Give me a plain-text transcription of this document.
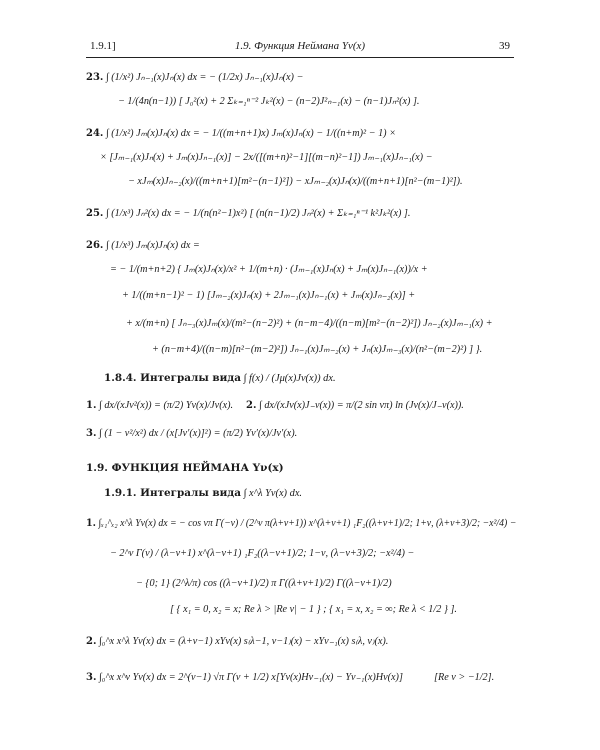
1.9.1]	1.9. Функция Неймана Yν(x)	39
23. ∫ (1/x²) Jₙ₋₁(x)Jₙ(x) dx = − (1/2x) Jₙ₋₁(x)Jₙ(x) −
− 1/(4n(n−1)) [ J₀²(x) + 2 Σₖ₌₁ⁿ⁻² Jₖ²(x) − (n−2)J²ₙ₋₁(x) − (n−1)Jₙ²(x) ].
24. ∫ (1/x²) Jₘ(x)Jₙ(x) dx = − 1/((m+n+1)x) Jₘ(x)Jₙ(x) − 1/((n+m)² − 1) ×
× [Jₘ₋₁(x)Jₙ(x) + Jₘ(x)Jₙ₋₁(x)] − 2x/([(m+n)²−1][(m−n)²−1]) Jₘ₋₁(x)Jₙ₋₁(x) −
− xJₘ(x)Jₙ₋₂(x)/((m+n+1)[m²−(n−1)²]) − xJₘ₋₂(x)Jₙ(x)/((m+n+1)[n²−(m−1)²]).
25. ∫ (1/x³) Jₙ²(x) dx = − 1/(n(n²−1)x²) [ (n(n−1)/2) Jₙ²(x) + Σₖ₌₁ⁿ⁻¹ k²Jₖ²(x) ].
26. ∫ (1/x³) Jₘ(x)Jₙ(x) dx =
= − 1/(m+n+2) { Jₘ(x)Jₙ(x)/x² + 1/(m+n) · (Jₘ₋₁(x)Jₙ(x) + Jₘ(x)Jₙ₋₁(x))/x +
+ 1/((m+n−1)² − 1) [Jₘ₋₂(x)Jₙ(x) + 2Jₘ₋₁(x)Jₙ₋₁(x) + Jₘ(x)Jₙ₋₂(x)] +
+ x/(m+n) [ Jₙ₋₃(x)Jₘ(x)/(m²−(n−2)²) + (n−m−4)/((n−m)[m²−(n−2)²]) Jₙ₋₂(x)Jₘ₋₁(x) +
+ (n−m+4)/((n−m)[n²−(m−2)²]) Jₙ₋₁(x)Jₘ₋₂(x) + Jₙ(x)Jₘ₋₃(x)/(n²−(m−2)²) ] }.
1.8.4. Интегралы вида ∫ f(x) / (Jμ(x)Jν(x)) dx.
1. ∫ dx/(xJν²(x)) = (π/2) Yν(x)/Jν(x). 2. ∫ dx/(xJν(x)J₋ν(x)) = π/(2 sin νπ) ln (Jν(x)/J₋ν(x)).
3. ∫ (1 − ν²/x²) dx / (x[Jν′(x)]²) = (π/2) Yν′(x)/Jν′(x).
1.9. ФУНКЦИЯ НЕЙМАНА Yν(x)
1.9.1. Интегралы вида ∫ x^λ Yν(x) dx.
1. ∫ₓ₁^ₓ₂ x^λ Yν(x) dx = − cos νπ Γ(−ν) / (2^ν π(λ+ν+1)) x^(λ+ν+1) ₁F₂((λ+ν+1)/2; 1+ν, (λ+ν+3)/2; −x²/4) −
− 2^ν Γ(ν) / (λ−ν+1) x^(λ−ν+1) ₁F₂((λ−ν+1)/2; 1−ν, (λ−ν+3)/2; −x²/4) −
− {0; 1} (2^λ/π) cos ((λ−ν+1)/2) π Γ((λ+ν+1)/2) Γ((λ−ν+1)/2)
[ { x₁ = 0, x₂ = x; Re λ > |Re ν| − 1 } ; { x₁ = x, x₂ = ∞; Re λ < 1/2 } ].
2. ∫₀^x x^λ Yν(x) dx = (λ+ν−1) xYν(x) s₍λ−1, ν−1₎(x) − xYν₋₁(x) s₍λ, ν₎(x).
3. ∫₀^x x^ν Yν(x) dx = 2^(ν−1) √π Γ(ν + 1/2) x[Yν(x)Hν₋₁(x) − Yν₋₁(x)Hν(x)]	[Re ν > −1/2].
